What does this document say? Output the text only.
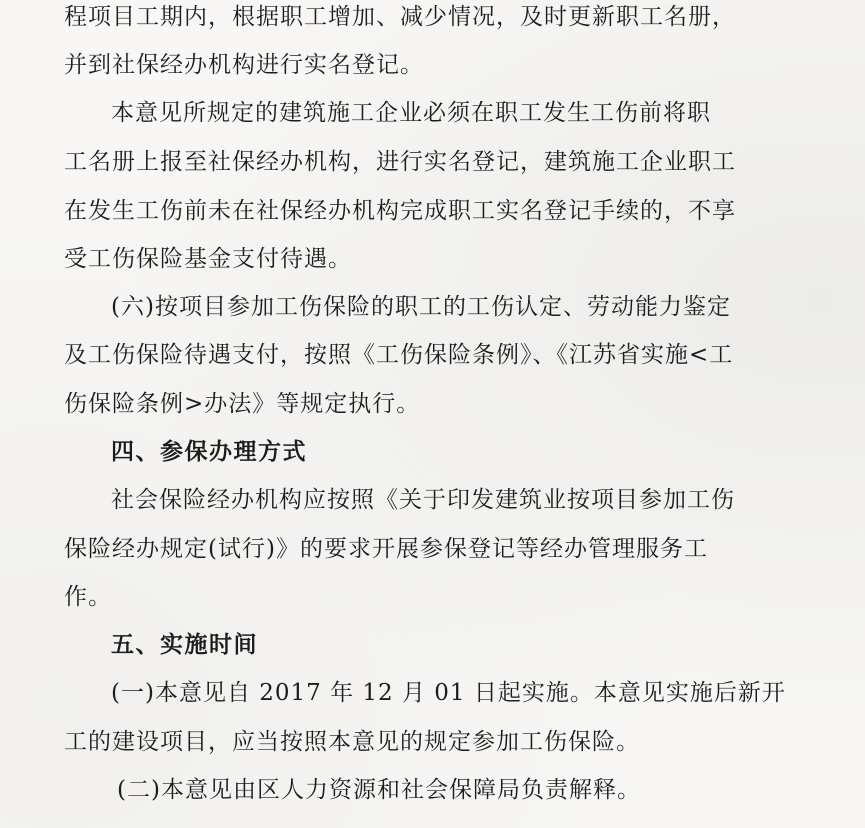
程项目工期内，根据职工增加、减少情况，及时更新职工名册，
并到社保经办机构进行实名登记。
本意见所规定的建筑施工企业必须在职工发生工伤前将职
工名册上报至社保经办机构，进行实名登记，建筑施工企业职工
在发生工伤前未在社保经办机构完成职工实名登记手续的，不享
受工伤保险基金支付待遇。
(六)按项目参加工伤保险的职工的工伤认定、劳动能力鉴定
及工伤保险待遇支付，按照《工伤保险条例》、《江苏省实施<工
伤保险条例>办法》等规定执行。
四、参保办理方式
社会保险经办机构应按照《关于印发建筑业按项目参加工伤
保险经办规定(试行)》的要求开展参保登记等经办管理服务工
作。
五、实施时间
(一)本意见自 2017 年 12 月 01 日起实施。本意见实施后新开
工的建设项目，应当按照本意见的规定参加工伤保险。
(二)本意见由区人力资源和社会保障局负责解释。
